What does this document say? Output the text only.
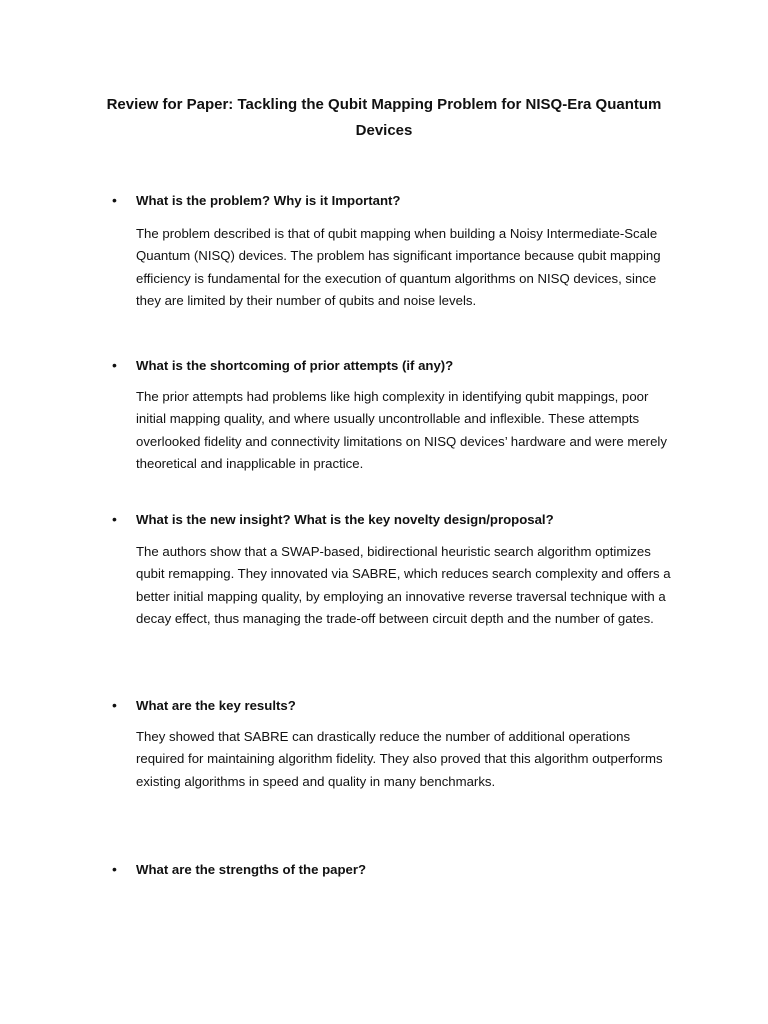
Review for Paper: Tackling the Qubit Mapping Problem for NISQ-Era Quantum Devices
• What is the problem? Why is it Important?

The problem described is that of qubit mapping when building a Noisy Intermediate-Scale Quantum (NISQ) devices. The problem has significant importance because qubit mapping efficiency is fundamental for the execution of quantum algorithms on NISQ devices, since they are limited by their number of qubits and noise levels.

• What is the shortcoming of prior attempts (if any)?

The prior attempts had problems like high complexity in identifying qubit mappings, poor initial mapping quality, and where usually uncontrollable and inflexible. These attempts overlooked fidelity and connectivity limitations on NISQ devices’ hardware and were merely theoretical and inapplicable in practice.

• What is the new insight? What is the key novelty design/proposal?

The authors show that a SWAP-based, bidirectional heuristic search algorithm optimizes qubit remapping. They innovated via SABRE, which reduces search complexity and offers a better initial mapping quality, by employing an innovative reverse traversal technique with a decay effect, thus managing the trade-off between circuit depth and the number of gates.

• What are the key results?

They showed that SABRE can drastically reduce the number of additional operations required for maintaining algorithm fidelity. They also proved that this algorithm outperforms existing algorithms in speed and quality in many benchmarks.

• What are the strengths of the paper?
